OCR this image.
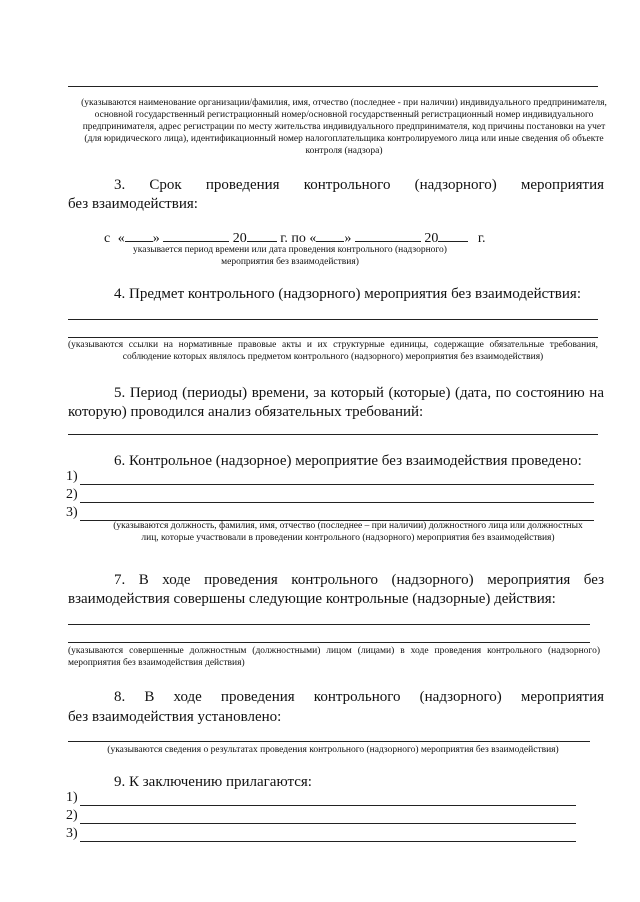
(указываются наименование организации/фамилия, имя, отчество (последнее - при наличии) индивидуального предпринимателя, основной государственный регистрационный номер/основной государственный регистрационный номер индивидуального предпринимателя, адрес регистрации по месту жительства индивидуального предпринимателя, код причины постановки на учет (для юридического лица), идентификационный номер налогоплательщика контролируемого лица или иные сведения об объекте контроля (надзора)
3. Срок проведения контрольного (надзорного) мероприятия
без взаимодействия:
с « »	20 г. по « »	20	г.
указывается период времени или дата проведения контрольного (надзорного) мероприятия без взаимодействия)
4. Предмет контрольного (надзорного) мероприятия без взаимодействия:
(указываются ссылки на нормативные правовые акты и их структурные единицы, содержащие обязательные требования, соблюдение которых являлось предметом контрольного (надзорного) мероприятия без взаимодействия)
5. Период (периоды) времени, за который (которые) (дата, по состоянию на
которую) проводился анализ обязательных требований:
6. Контрольное (надзорное) мероприятие без взаимодействия проведено:
1)
2)
3)
(указываются должность, фамилия, имя, отчество (последнее – при наличии) должностного лица или должностных лиц, которые участвовали в проведении контрольного (надзорного) мероприятия без взаимодействия)
7. В ходе проведения контрольного (надзорного) мероприятия без
взаимодействия совершены следующие контрольные (надзорные) действия:
(указываются совершенные должностным (должностными) лицом (лицами) в ходе проведения контрольного (надзорного) мероприятия без взаимодействия действия)
8. В ходе проведения контрольного (надзорного) мероприятия
без взаимодействия установлено:
(указываются сведения о результатах проведения контрольного (надзорного) мероприятия без взаимодействия)
9. К заключению прилагаются:
1)
2)
3)
